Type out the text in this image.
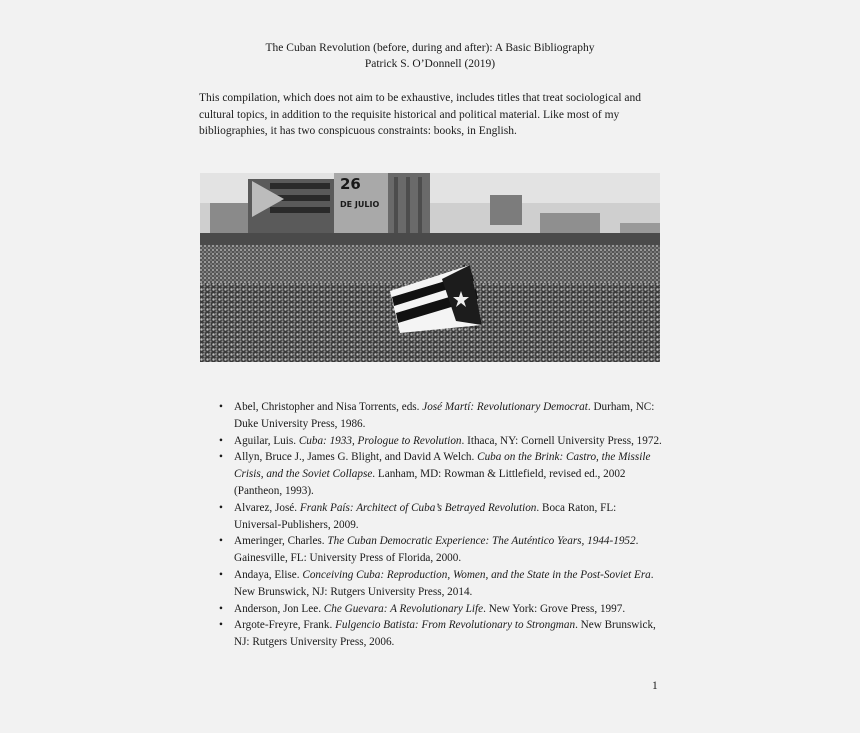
The Cuban Revolution (before, during and after): A Basic Bibliography
Patrick S. O’Donnell (2019)

This compilation, which does not aim to be exhaustive, includes titles that treat sociological and cultural topics, in addition to the requisite historical and political material. Like most of my bibliographies, it has two conspicuous constraints: books, in English.

26
DE JULIO
• Abel, Christopher and Nisa Torrents, eds. José Martí: Revolutionary Democrat. Durham, NC: Duke University Press, 1986.
• Aguilar, Luis. Cuba: 1933, Prologue to Revolution. Ithaca, NY: Cornell University Press, 1972.
• Allyn, Bruce J., James G. Blight, and David A Welch. Cuba on the Brink: Castro, the Missile Crisis, and the Soviet Collapse. Lanham, MD: Rowman & Littlefield, revised ed., 2002 (Pantheon, 1993).
• Alvarez, José. Frank País: Architect of Cuba’s Betrayed Revolution. Boca Raton, FL: Universal-Publishers, 2009.
• Ameringer, Charles. The Cuban Democratic Experience: The Auténtico Years, 1944-1952. Gainesville, FL: University Press of Florida, 2000.
• Andaya, Elise. Conceiving Cuba: Reproduction, Women, and the State in the Post-Soviet Era. New Brunswick, NJ: Rutgers University Press, 2014.
• Anderson, Jon Lee. Che Guevara: A Revolutionary Life. New York: Grove Press, 1997.
• Argote-Freyre, Frank. Fulgencio Batista: From Revolutionary to Strongman. New Brunswick, NJ: Rutgers University Press, 2006.
1
